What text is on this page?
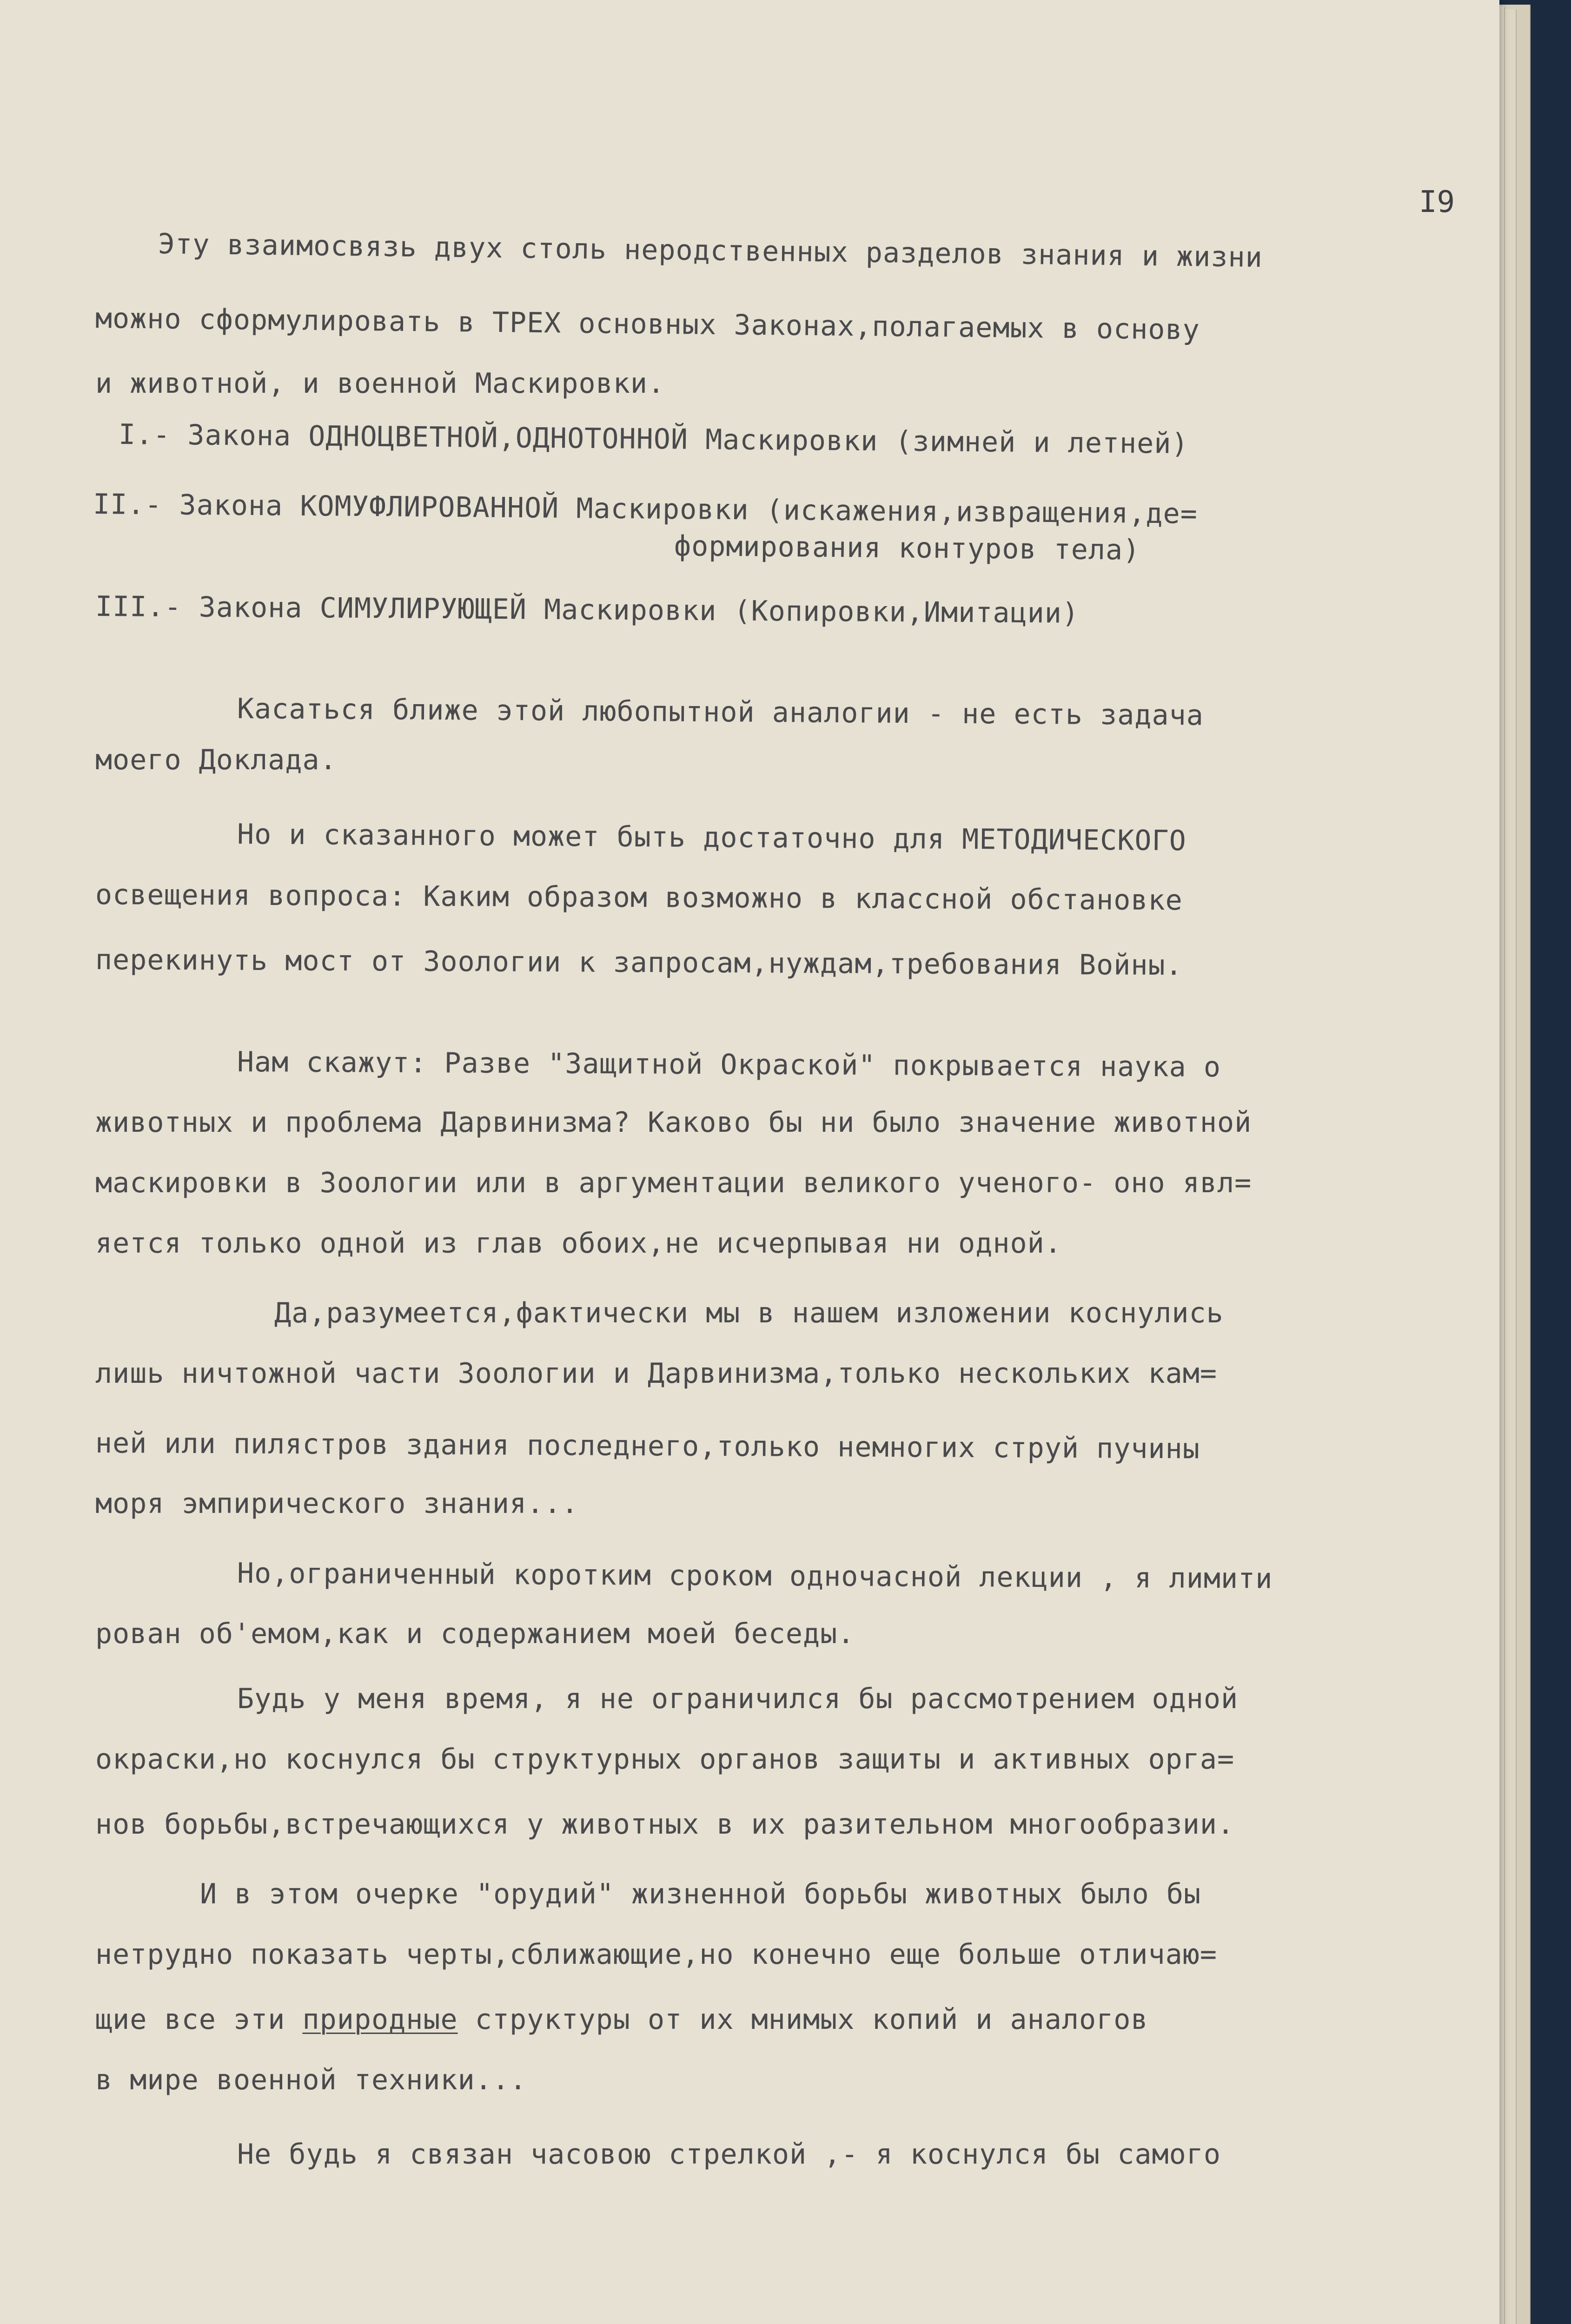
I9
Эту взаимосвязь двух столь неродственных разделов знания и жизни
можно сформулировать в ТРЕХ основных Законах,полагаемых в основу
и животной, и военной Маскировки.
I.- Закона ОДНОЦВЕТНОЙ,ОДНОТОННОЙ Маскировки (зимней и летней)
II.- Закона КОМУФЛИРОВАННОЙ Маскировки (искажения,извращения,де=
формирования контуров тела)
III.- Закона СИМУЛИРУЮЩЕЙ Маскировки (Копировки,Имитации)
Касаться ближе этой любопытной аналогии - не есть задача
моего Доклада.
Но и сказанного может быть достаточно для МЕТОДИЧЕСКОГО
освещения вопроса: Каким образом возможно в классной обстановке
перекинуть мост от Зоологии к запросам,нуждам,требования Войны.
Нам скажут: Разве "Защитной Окраской" покрывается наука о
животных и проблема Дарвинизма? Каково бы ни было значение животной
маскировки в Зоологии или в аргументации великого ученого- оно явл=
яется только одной из глав обоих,не исчерпывая ни одной.
Да,разумеется,фактически мы в нашем изложении коснулись
лишь ничтожной части Зоологии и Дарвинизма,только нескольких кам=
ней или пилястров здания последнего,только немногих струй пучины
моря эмпирического знания...
Но,ограниченный коротким сроком одночасной лекции , я лимити
рован об'емом,как и содержанием моей беседы.
Будь у меня время, я не ограничился бы рассмотрением одной
окраски,но коснулся бы структурных органов защиты и активных орга=
нов борьбы,встречающихся у животных в их разительном многообразии.
И в этом очерке "орудий" жизненной борьбы животных было бы
нетрудно показать черты,сближающие,но конечно еще больше отличаю=
щие все эти природные структуры от их мнимых копий и аналогов
в мире военной техники...
Не будь я связан часовою стрелкой ,- я коснулся бы самого
